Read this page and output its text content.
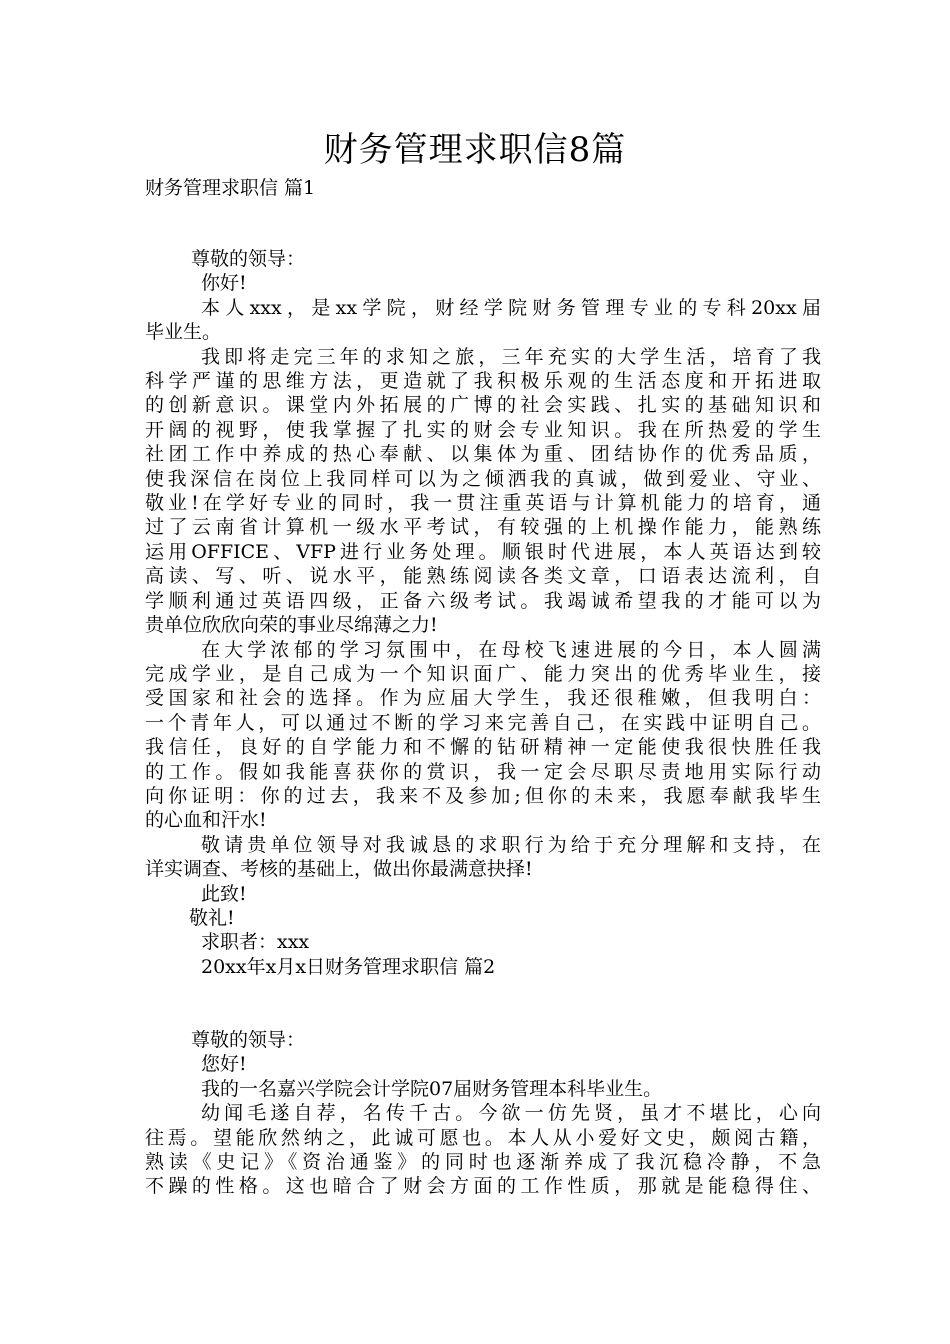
财务管理求职信8篇
财务管理求职信 篇1

尊敬的领导：

你好!

本人xxx，是xx学院，财经学院财务管理专业的专科20xx届

毕业生。

我即将走完三年的求知之旅，三年充实的大学生活，培育了我

科学严谨的思维方法，更造就了我积极乐观的生活态度和开拓进取

的创新意识。课堂内外拓展的广博的社会实践、扎实的基础知识和

开阔的视野，使我掌握了扎实的财会专业知识。我在所热爱的学生

社团工作中养成的热心奉献、以集体为重、团结协作的优秀品质，

使我深信在岗位上我同样可以为之倾洒我的真诚，做到爱业、守业、

敬业!在学好专业的同时，我一贯注重英语与计算机能力的培育，通

过了云南省计算机一级水平考试，有较强的上机操作能力，能熟练

运用OFFICE、VFP进行业务处理。顺银时代进展，本人英语达到较

高读、写、听、说水平，能熟练阅读各类文章，口语表达流利，自

学顺利通过英语四级，正备六级考试。我竭诚希望我的才能可以为

贵单位欣欣向荣的事业尽绵薄之力!

在大学浓郁的学习氛围中，在母校飞速进展的今日，本人圆满

完成学业，是自己成为一个知识面广、能力突出的优秀毕业生，接

受国家和社会的选择。作为应届大学生，我还很稚嫩，但我明白：

一个青年人，可以通过不断的学习来完善自己，在实践中证明自己。

我信任，良好的自学能力和不懈的钻研精神一定能使我很快胜任我

的工作。假如我能喜获你的赏识，我一定会尽职尽责地用实际行动

向你证明：你的过去，我来不及参加;但你的未来，我愿奉献我毕生

的心血和汗水!

敬请贵单位领导对我诚恳的求职行为给于充分理解和支持，在

详实调查、考核的基础上，做出你最满意抉择!

此致!

敬礼!

求职者：xxx

20xx年x月x日财务管理求职信 篇2

尊敬的领导：

您好!

我的一名嘉兴学院会计学院07届财务管理本科毕业生。

幼闻毛遂自荐，名传千古。今欲一仿先贤，虽才不堪比，心向

往焉。望能欣然纳之，此诚可愿也。本人从小爱好文史，颇阅古籍，

熟读《史记》《资治通鉴》的同时也逐渐养成了我沉稳冷静，不急

不躁的性格。这也暗合了财会方面的工作性质，那就是能稳得住、
